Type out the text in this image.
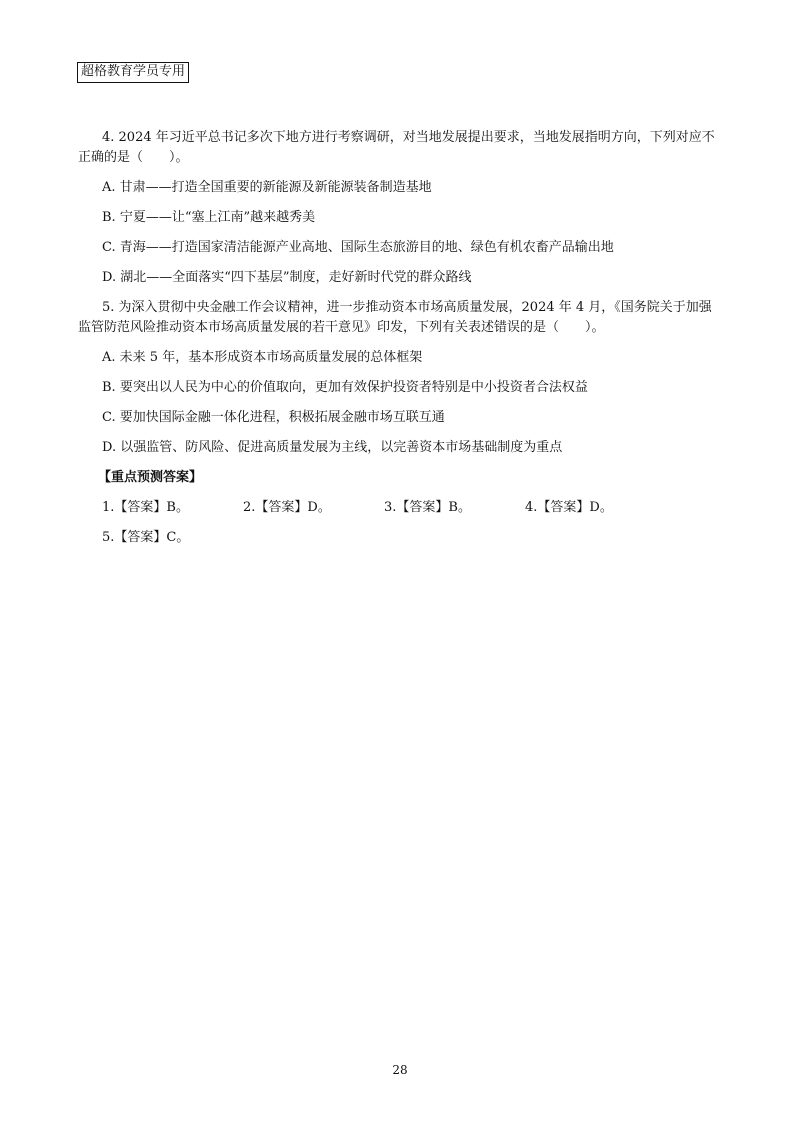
超格教育学员专用
4. 2024 年习近平总书记多次下地方进行考察调研，对当地发展提出要求，当地发展指明方向，下列对应不
正确的是（　　）。
A. 甘肃——打造全国重要的新能源及新能源装备制造基地
B. 宁夏——让“塞上江南”越来越秀美
C. 青海——打造国家清洁能源产业高地、国际生态旅游目的地、绿色有机农畜产品输出地
D. 湖北——全面落实“四下基层”制度，走好新时代党的群众路线
5. 为深入贯彻中央金融工作会议精神，进一步推动资本市场高质量发展，2024 年 4 月，《国务院关于加强
监管防范风险推动资本市场高质量发展的若干意见》印发，下列有关表述错误的是（　　）。
A. 未来 5 年，基本形成资本市场高质量发展的总体框架
B. 要突出以人民为中心的价值取向，更加有效保护投资者特别是中小投资者合法权益
C. 要加快国际金融一体化进程，积极拓展金融市场互联互通
D. 以强监管、防风险、促进高质量发展为主线，以完善资本市场基础制度为重点
【重点预测答案】
1.【答案】B。	2.【答案】D。	3.【答案】B。	4.【答案】D。
5.【答案】C。
28
